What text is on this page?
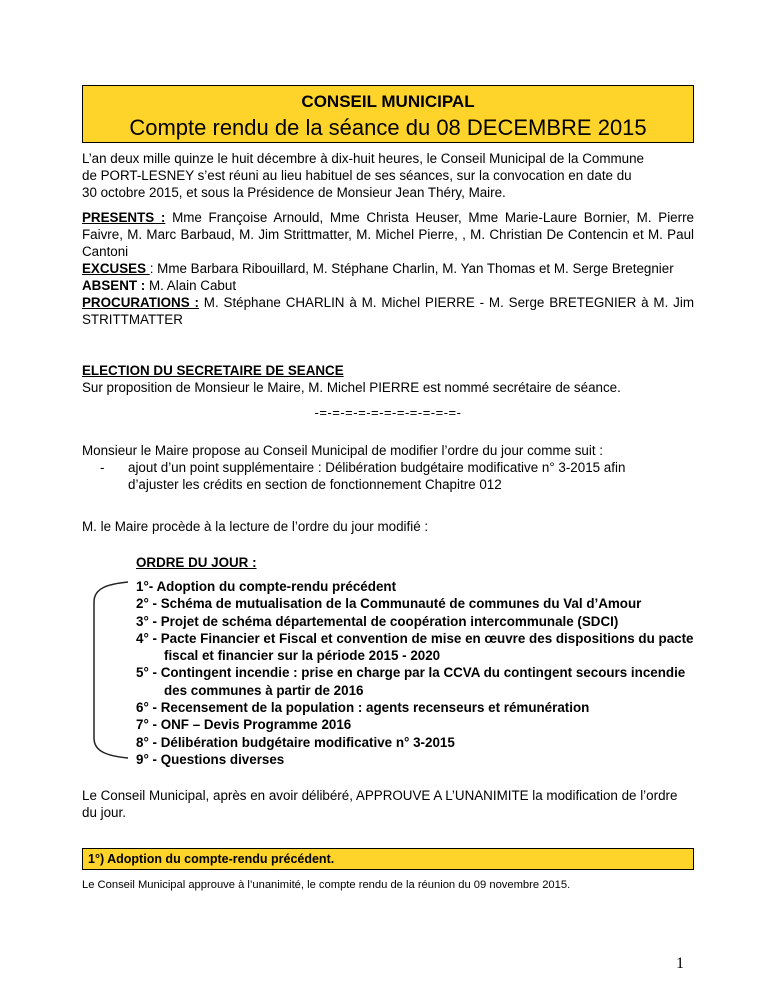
CONSEIL MUNICIPAL
Compte rendu de la séance du 08 DECEMBRE 2015
L’an deux mille quinze le huit décembre à dix-huit heures, le Conseil Municipal de la Commune
de PORT-LESNEY s’est réuni au lieu habituel de ses séances, sur la convocation en date du
30 octobre 2015, et sous la Présidence de Monsieur Jean Théry, Maire.
PRESENTS : Mme Françoise Arnould, Mme Christa Heuser, Mme Marie-Laure Bornier, M. Pierre Faivre, M. Marc Barbaud, M. Jim Strittmatter, M. Michel Pierre, , M. Christian De Contencin et M. Paul Cantoni
EXCUSES : Mme Barbara Ribouillard, M. Stéphane Charlin, M. Yan Thomas et M. Serge Bretegnier
ABSENT : M. Alain Cabut
PROCURATIONS : M. Stéphane CHARLIN à M. Michel PIERRE - M. Serge BRETEGNIER à M. Jim STRITTMATTER
ELECTION DU SECRETAIRE DE SEANCE
Sur proposition de Monsieur le Maire, M. Michel PIERRE est nommé secrétaire de séance.
-=-=-=-=-=-=-=-=-=-=-=-
Monsieur le Maire propose au Conseil Municipal de modifier l’ordre du jour comme suit :
- ajout d’un point supplémentaire : Délibération budgétaire modificative n° 3-2015 afin d’ajuster les crédits en section de fonctionnement Chapitre 012
M. le Maire procède à la lecture de l’ordre du jour modifié :
ORDRE DU JOUR :
1°- Adoption du compte-rendu précédent
2° - Schéma de mutualisation de la Communauté de communes du Val d’Amour
3° - Projet de schéma départemental de coopération intercommunale (SDCI)
4° - Pacte Financier et Fiscal et convention de mise en œuvre des dispositions du pacte
fiscal et financier sur la période 2015 - 2020
5° - Contingent incendie : prise en charge par la CCVA du contingent secours incendie
des communes à partir de 2016
6° - Recensement de la population : agents recenseurs et rémunération
7° - ONF – Devis Programme 2016
8° - Délibération budgétaire modificative n° 3-2015
9° - Questions diverses
Le Conseil Municipal, après en avoir délibéré, APPROUVE A L’UNANIMITE la modification de l’ordre du jour.
1°) Adoption du compte-rendu précédent.
Le Conseil Municipal approuve à l’unanimité, le compte rendu de la réunion du 09 novembre 2015.
1
